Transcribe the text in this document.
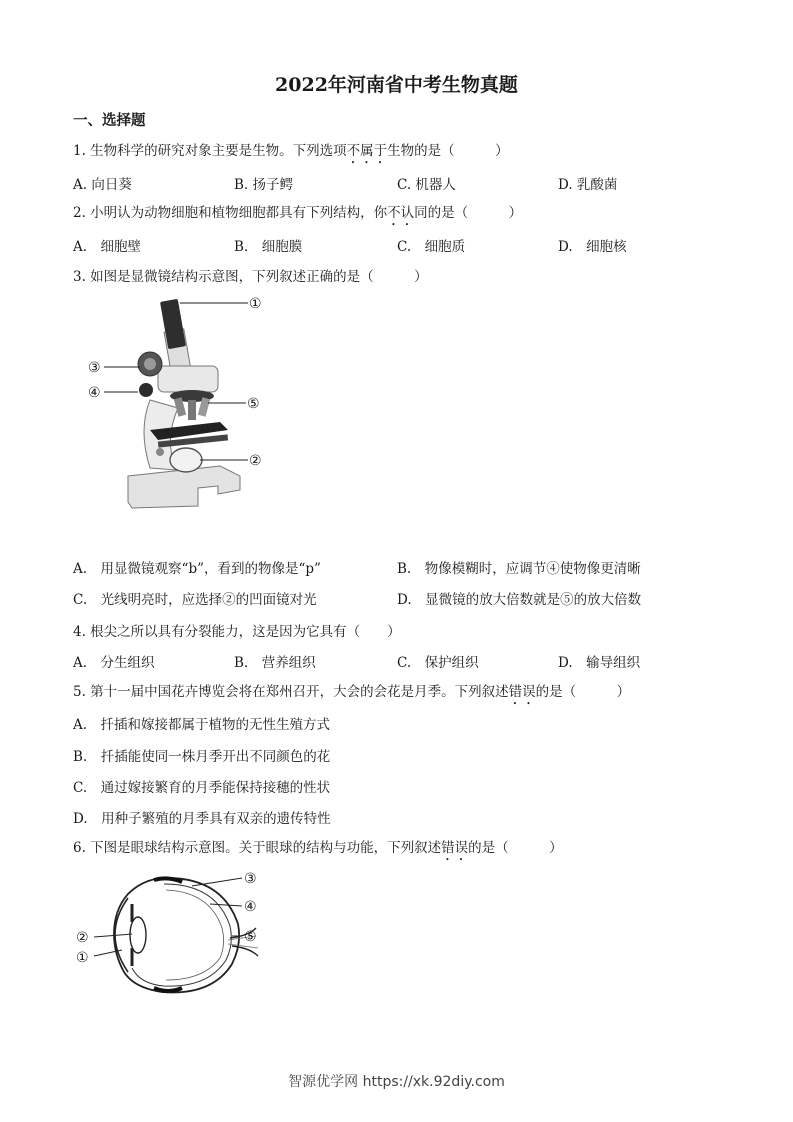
2022年河南省中考生物真题
一、选择题
1. 生物科学的研究对象主要是生物。下列选项不属于生物的是（　　　）
A. 向日葵	B. 扬子鳄	C. 机器人	D. 乳酸菌
2. 小明认为动物细胞和植物细胞都具有下列结构，你不认同的是（　　　）
A.　细胞壁	B.　细胞膜	C.　细胞质	D.　细胞核
3. 如图是显微镜结构示意图，下列叙述正确的是（　　　）
①
②
③
④
⑤
A.　用显微镜观察“b”，看到的物像是“p”	B.　物像模糊时，应调节④使物像更清晰
C.　光线明亮时，应选择②的凹面镜对光	D.　显微镜的放大倍数就是⑤的放大倍数
4. 根尖之所以具有分裂能力，这是因为它具有（　　）
A.　分生组织	B.　营养组织	C.　保护组织	D.　输导组织
5. 第十一届中国花卉博览会将在郑州召开，大会的会花是月季。下列叙述错误的是（　　　）
A.　扦插和嫁接都属于植物的无性生殖方式
B.　扦插能使同一株月季开出不同颜色的花
C.　通过嫁接繁育的月季能保持接穗的性状
D.　用种子繁殖的月季具有双亲的遗传特性
6. 下图是眼球结构示意图。关于眼球的结构与功能，下列叙述错误的是（　　　）
③
④
⑤
②
①
智源优学网 https://xk.92diy.com
